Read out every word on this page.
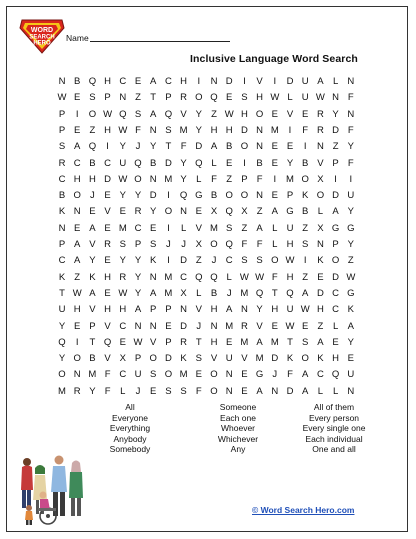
WORD
SEARCH
HERO
Name
Inclusive Language Word Search
N B Q H C E A C H	I	N D	I	V	I	D U A L N
W E S P N Z T P R O Q E S H W L U W N F
P	I	O W Q S A Q V Y Z W H O E V E R Y N
P E Z H W F N S M Y H H D N M	I	F R D F
S A Q	I	Y	J	Y T F D A B O N E E	I	N Z Y
R C B C U Q B D Y Q L E	I	B E Y B V P F
C H H D W O N M Y L	F Z P F	I	M O X	I	I
B O J	E Y Y D	I	Q G B O O N E P K O D U
K N E V E R Y O N E X Q X Z A G B L A Y
N E A E M C E	I	L V M S Z A L U Z X G G
P A V R S P S	J	J	X O Q F F	L H S N P Y
C A Y E Y Y K	I	D Z	J C S S O W I	K O Z
K Z K H R Y N M C Q Q L W W F H Z E D W
T W A E W Y A M X L B	J M Q T Q A D C G
U H V H H A P P N V H A N Y H U W H C K
Y E P V C N N E D J N M R V E W E Z	L A
Q	I	T Q E W V P R T H E M A M T S A E Y
Y O B V X P O D K S V U V M D K O K H E
O N M F C U S O M E O N E G J	F A C Q U
M R Y F	L	J	E S S F O N E A N D A L	L N
All
Everyone
Everything
Anybody
Somebody
Someone
Each one
Whoever
Whichever
Any
All of them
Every person
Every single one
Each individual
One and all
© Word Search Hero.com
